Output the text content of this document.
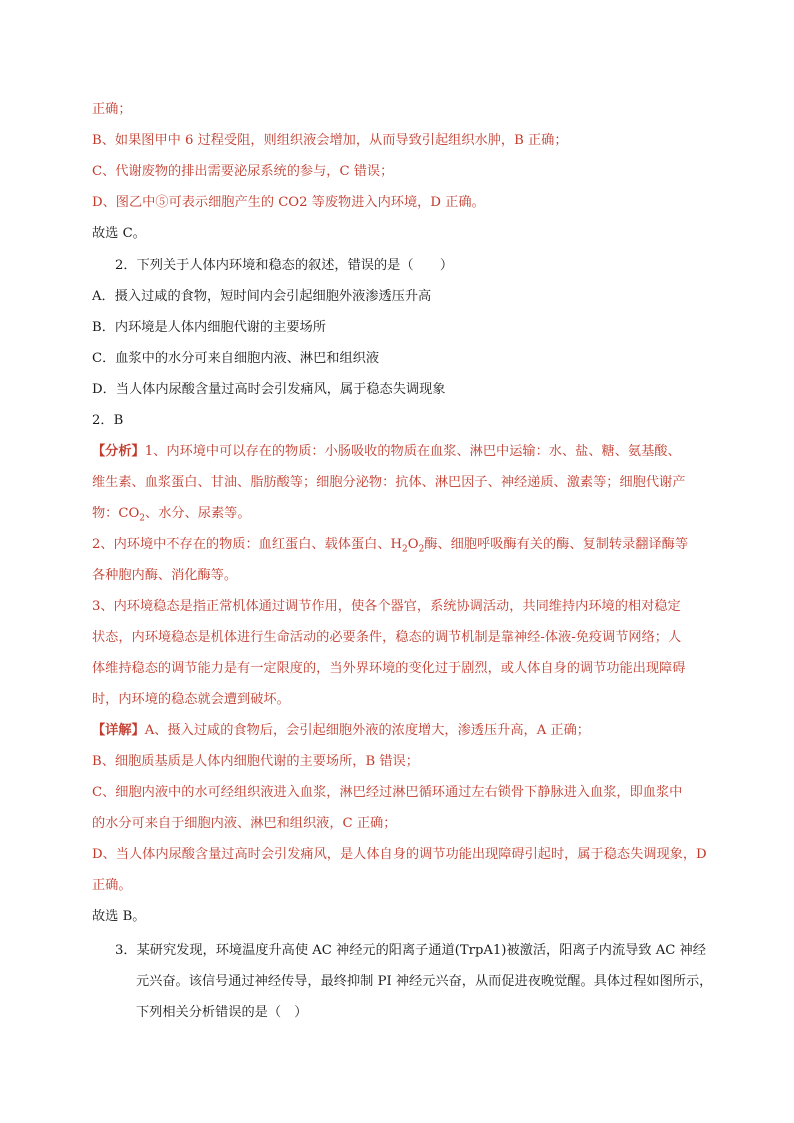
正确；
B、如果图甲中 6 过程受阻，则组织液会增加，从而导致引起组织水肿，B 正确；
C、代谢废物的排出需要泌尿系统的参与，C 错误；
D、图乙中⑤可表示细胞产生的 CO2 等废物进入内环境，D 正确。
故选 C。
2．下列关于人体内环境和稳态的叙述，错误的是（　　）
A．摄入过咸的食物，短时间内会引起细胞外液渗透压升高
B．内环境是人体内细胞代谢的主要场所
C．血浆中的水分可来自细胞内液、淋巴和组织液
D．当人体内尿酸含量过高时会引发痛风，属于稳态失调现象
2．B
【分析】1、内环境中可以存在的物质：小肠吸收的物质在血浆、淋巴中运输：水、盐、糖、氨基酸、
维生素、血浆蛋白、甘油、脂肪酸等；细胞分泌物：抗体、淋巴因子、神经递质、激素等；细胞代谢产
物：$CO_2$、水分、尿素等。
2、内环境中不存在的物质：血红蛋白、载体蛋白、$H_2O_2$酶、细胞呼吸酶有关的酶、复制转录翻译酶等
各种胞内酶、消化酶等。
3、内环境稳态是指正常机体通过调节作用，使各个器官，系统协调活动，共同维持内环境的相对稳定
状态，内环境稳态是机体进行生命活动的必要条件，稳态的调节机制是靠神经-体液-免疫调节网络；人
体维持稳态的调节能力是有一定限度的，当外界环境的变化过于剧烈，或人体自身的调节功能出现障碍
时，内环境的稳态就会遭到破坏。
【详解】A、摄入过咸的食物后，会引起细胞外液的浓度增大，渗透压升高，A 正确；
B、细胞质基质是人体内细胞代谢的主要场所，B 错误；
C、细胞内液中的水可经组织液进入血浆，淋巴经过淋巴循环通过左右锁骨下静脉进入血浆，即血浆中
的水分可来自于细胞内液、淋巴和组织液，C 正确；
D、当人体内尿酸含量过高时会引发痛风，是人体自身的调节功能出现障碍引起时，属于稳态失调现象，D
正确。
故选 B。
3．某研究发现，环境温度升高使 AC 神经元的阳离子通道(TrpA1)被激活，阳离子内流导致 AC 神经
元兴奋。该信号通过神经传导，最终抑制 PI 神经元兴奋，从而促进夜晚觉醒。具体过程如图所示，
下列相关分析错误的是（　）
